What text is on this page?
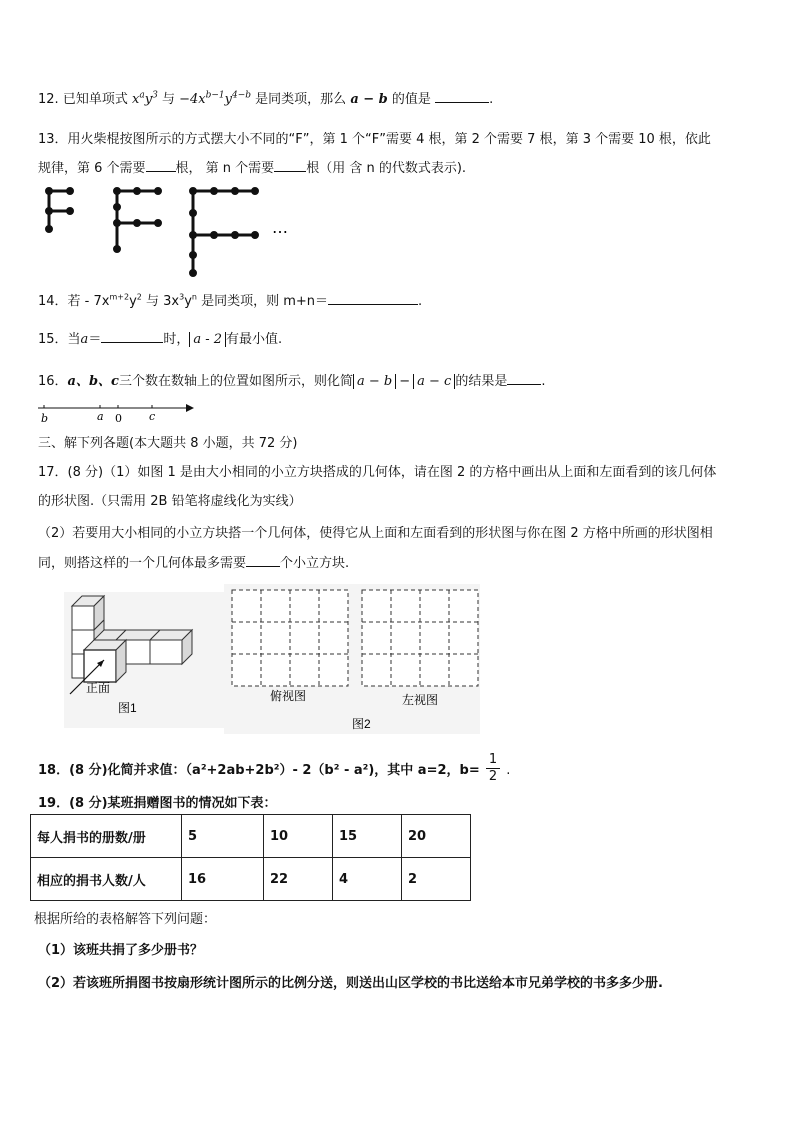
12. 已知单项式 $x^ay^3$ 与 $-4x^{b-1}y^{4-b}$ 是同类项，那么 a − b 的值是	.
13．用火柴棍按图所示的方式摆大小不同的“F”，第 1 个“F”需要 4 根，第 2 个需要 7 根，第 3 个需要 10 根，依此
规律，第 6 个需要 根， 第 n 个需要 根（用 含 n 的代数式表示).
…
14．若 - $7x^{m+2}y^2$ 与 $3x^3y^n$ 是同类项，则 m+n＝	.
15．当a＝	时， a - 2 有最小值.
16．a、b、c三个数在数轴上的位置如图所示，则化简 a − b − a − c 的结果是	.
b	a 0 c
三、解下列各题(本大题共 8 小题，共 72 分)
17．(8 分)（1）如图 1 是由大小相同的小立方块搭成的几何体，请在图 2 的方格中画出从上面和左面看到的该几何体
的形状图.（只需用 2B 铅笔将虚线化为实线）
（2）若要用大小相同的小立方块搭一个几何体，使得它从上面和左面看到的形状图与你在图 2 方格中所画的形状图相
同，则搭这样的一个几何体最多需要	个小立方块.
正面
图1
俯视图	左视图
图2
18．(8 分)化简并求值：（a²+2ab+2b²）- 2（b² - a²)，其中 a=2，$b= \frac{1}{2}$ .
19．(8 分)某班捐赠图书的情况如下表：
每人捐书的册数/册	5	10	15	20
相应的捐书人数/人	16	22	4	2
根据所给的表格解答下列问题：
（1）该班共捐了多少册书？
（2）若该班所捐图书按扇形统计图所示的比例分送，则送出山区学校的书比送给本市兄弟学校的书多多少册.
